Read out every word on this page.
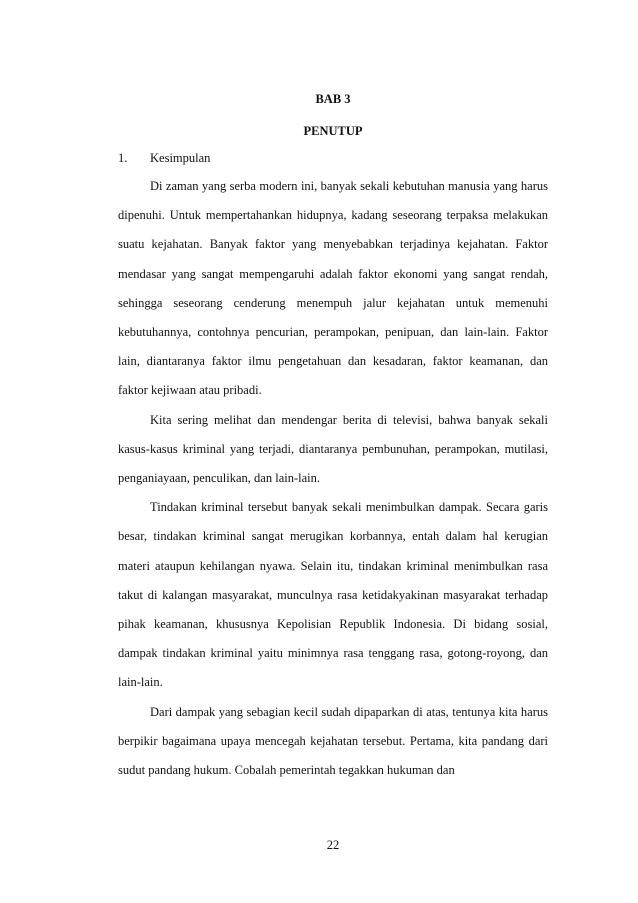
BAB 3

PENUTUP

1. Kesimpulan

Di zaman yang serba modern ini, banyak sekali kebutuhan manusia yang harus dipenuhi. Untuk mempertahankan hidupnya, kadang seseorang terpaksa melakukan suatu kejahatan. Banyak faktor yang menyebabkan terjadinya kejahatan. Faktor mendasar yang sangat mempengaruhi adalah faktor ekonomi yang sangat rendah, sehingga seseorang cenderung menempuh jalur kejahatan untuk memenuhi kebutuhannya, contohnya pencurian, perampokan, penipuan, dan lain-lain. Faktor lain, diantaranya faktor ilmu pengetahuan dan kesadaran, faktor keamanan, dan faktor kejiwaan atau pribadi.

Kita sering melihat dan mendengar berita di televisi, bahwa banyak sekali kasus-kasus kriminal yang terjadi, diantaranya pembunuhan, perampokan, mutilasi, penganiayaan, penculikan, dan lain-lain.

Tindakan kriminal tersebut banyak sekali menimbulkan dampak. Secara garis besar, tindakan kriminal sangat merugikan korbannya, entah dalam hal kerugian materi ataupun kehilangan nyawa. Selain itu, tindakan kriminal menimbulkan rasa takut di kalangan masyarakat, munculnya rasa ketidakyakinan masyarakat terhadap pihak keamanan, khususnya Kepolisian Republik Indonesia. Di bidang sosial, dampak tindakan kriminal yaitu minimnya rasa tenggang rasa, gotong-royong, dan lain-lain.

Dari dampak yang sebagian kecil sudah dipaparkan di atas, tentunya kita harus berpikir bagaimana upaya mencegah kejahatan tersebut. Pertama, kita pandang dari sudut pandang hukum. Cobalah pemerintah tegakkan hukuman dan

22
